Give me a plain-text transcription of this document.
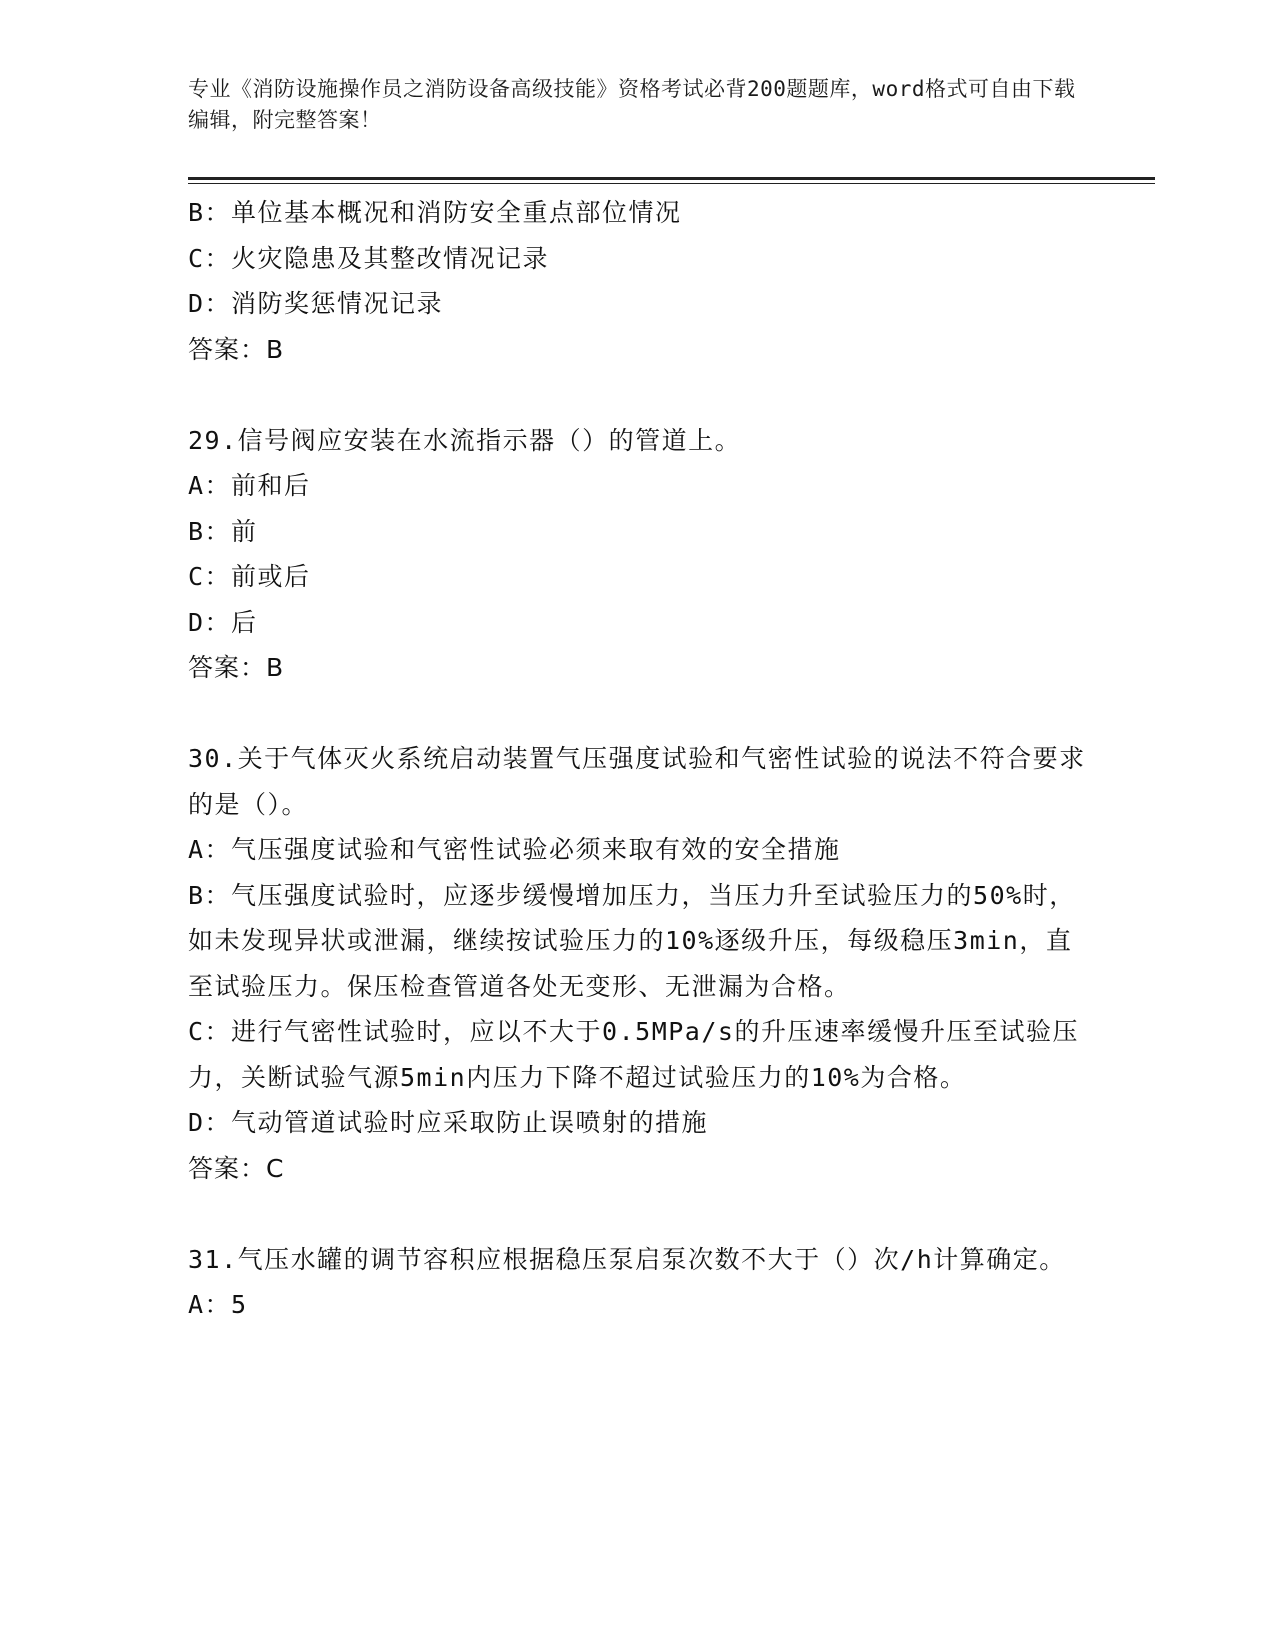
专业《消防设施操作员之消防设备高级技能》资格考试必背200题题库，word格式可自由下载编辑，附完整答案！
B：单位基本概况和消防安全重点部位情况
C：火灾隐患及其整改情况记录
D：消防奖惩情况记录
答案：B
29.信号阀应安装在水流指示器（）的管道上。
A：前和后
B：前
C：前或后
D：后
答案：B
30.关于气体灭火系统启动装置气压强度试验和气密性试验的说法不符合要求的是（）。
A：气压强度试验和气密性试验必须来取有效的安全措施
B：气压强度试验时，应逐步缓慢增加压力，当压力升至试验压力的50%时，如未发现异状或泄漏，继续按试验压力的10%逐级升压，每级稳压3min，直至试验压力。保压检查管道各处无变形、无泄漏为合格。
C：进行气密性试验时，应以不大于0.5MPa/s的升压速率缓慢升压至试验压力，关断试验气源5min内压力下降不超过试验压力的10%为合格。
D：气动管道试验时应采取防止误喷射的措施
答案：C
31.气压水罐的调节容积应根据稳压泵启泵次数不大于（）次/h计算确定。
A：5
